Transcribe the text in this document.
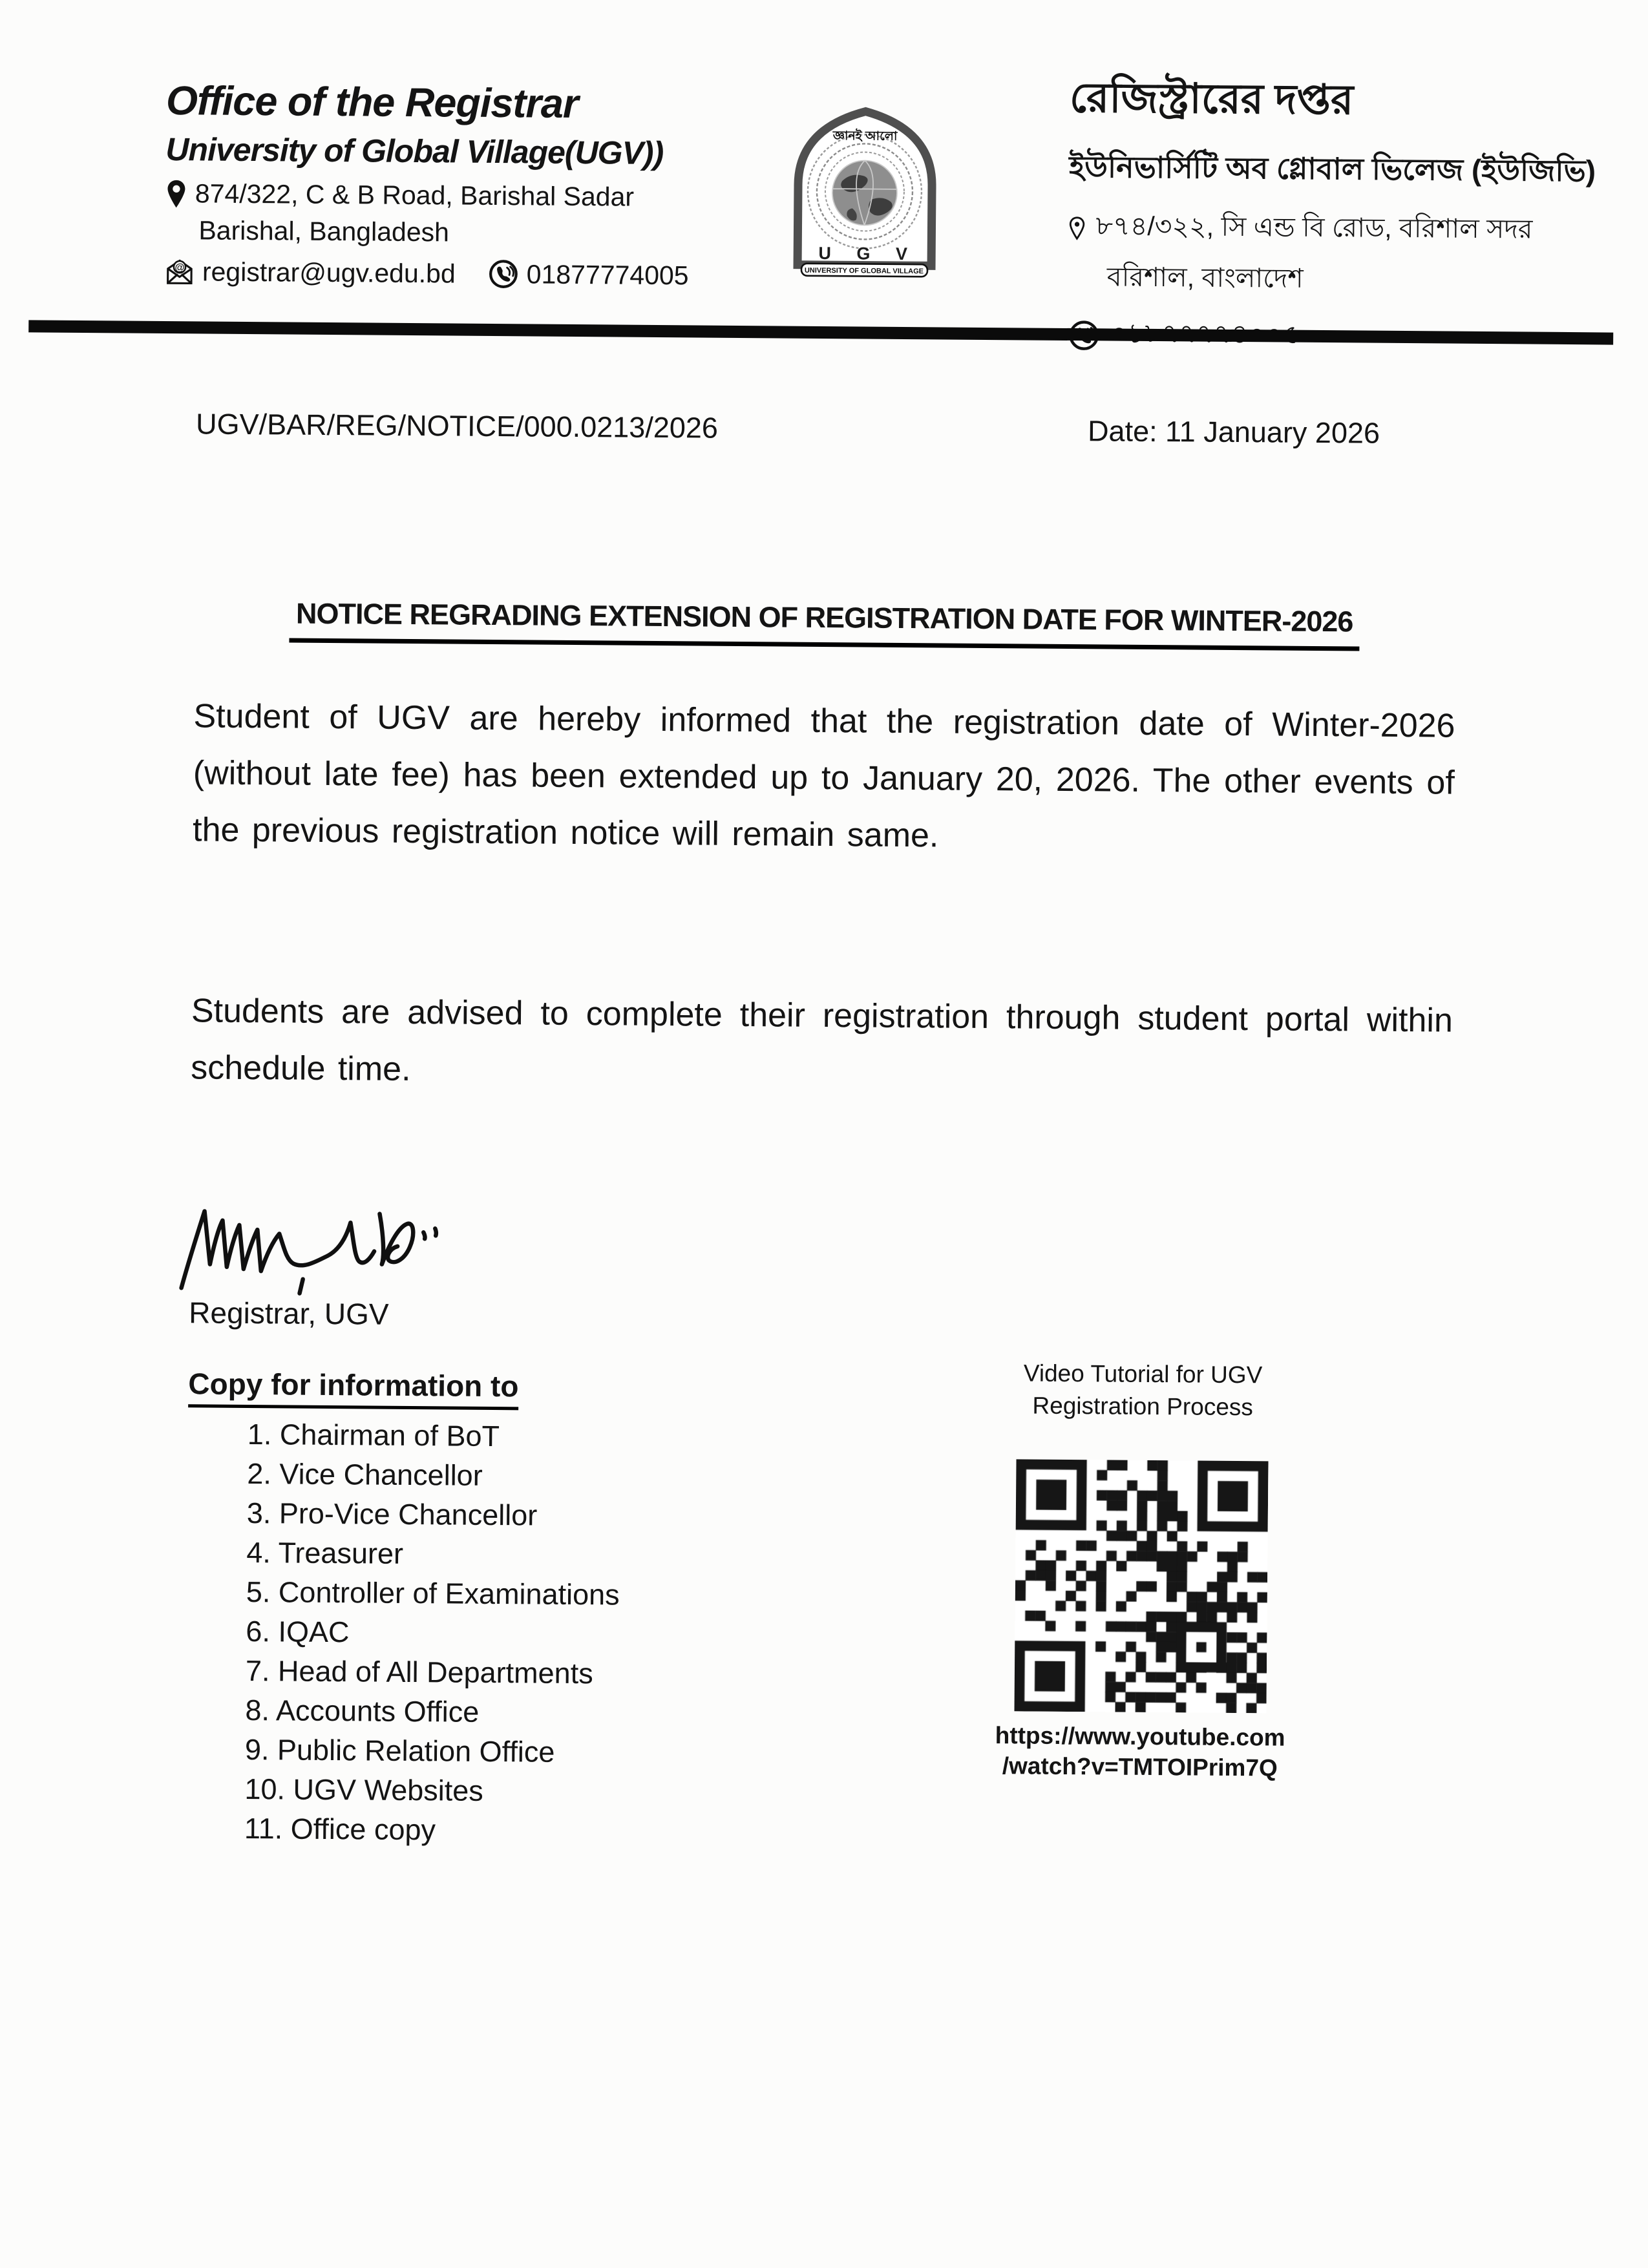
Office of the Registrar
University of Global Village(UGV))
874/322, C & B Road, Barishal Sadar
Barishal, Bangladesh
@ registrar@ugv.edu.bd	01877774005
জ্ঞানই আলো
U G V
UNIVERSITY OF GLOBAL VILLAGE
রেজিস্ট্রারের দপ্তর
ইউনিভার্সিটি অব গ্লোবাল ভিলেজ (ইউজিভি)
৮৭৪/৩২২, সি এন্ড বি রোড, বরিশাল সদর
বরিশাল, বাংলাদেশ
UGV/BAR/REG/NOTICE/000.0213/2026	Date: 11 January 2026
NOTICE REGRADING EXTENSION OF REGISTRATION DATE FOR WINTER-2026

Student of UGV are hereby informed that the registration date of Winter-2026 (without late fee) has been extended up to January 20, 2026. The other events of the previous registration notice will remain same.

Students are advised to complete their registration through student portal within schedule time.

Registrar, UGV
Copy for information to
1. Chairman of BoT
2. Vice Chancellor
3. Pro-Vice Chancellor
4. Treasurer
5. Controller of Examinations
6. IQAC
7. Head of All Departments
8. Accounts Office
9. Public Relation Office
10. UGV Websites
11. Office copy
Video Tutorial for UGV
Registration Process
https://www.youtube.com
/watch?v=TMTOIPrim7Q
